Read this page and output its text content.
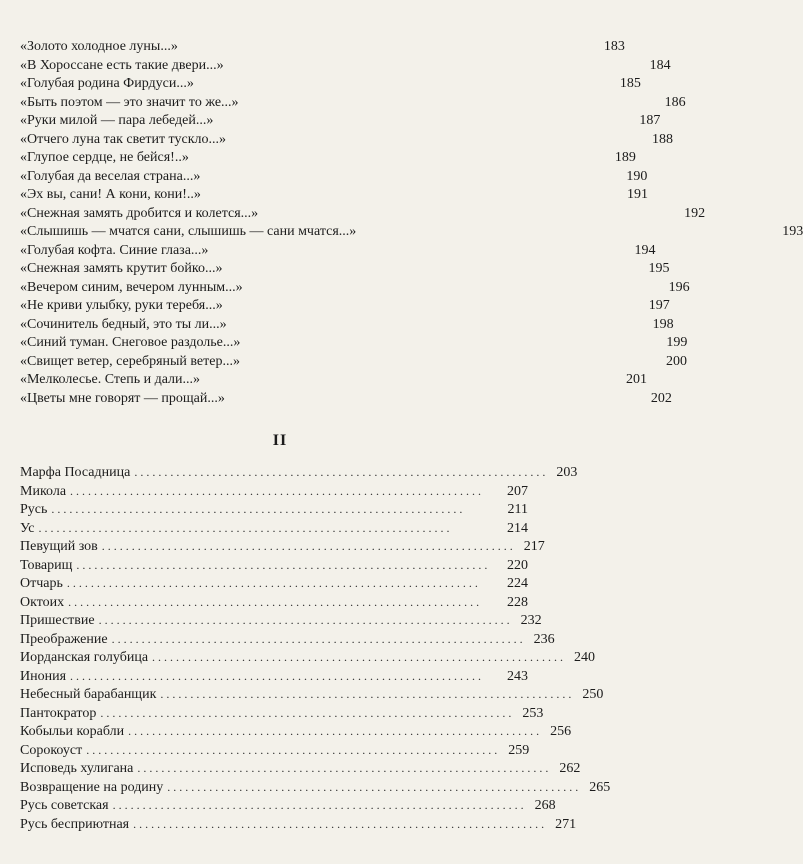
«Золото холодное луны...»	183
«В Хороссане есть такие двери...»	184
«Голубая родина Фирдуси...»	185
«Быть поэтом — это значит то же...»	186
«Руки милой — пара лебедей...»	187
«Отчего луна так светит тускло...»	188
«Глупое сердце, не бейся!..»	189
«Голубая да веселая страна...»	190
«Эх вы, сани! А кони, кони!..»	191
«Снежная замять дробится и колется...»	192
«Слышишь — мчатся сани, слышишь — сани мчатся...»	193
«Голубая кофта. Синие глаза...»	194
«Снежная замять крутит бойко...»	195
«Вечером синим, вечером лунным...»	196
«Не криви улыбку, руки теребя...»	197
«Сочинитель бедный, это ты ли...»	198
«Синий туман. Снеговое раздолье...»	199
«Свищет ветер, серебряный ветер...»	200
«Мелколесье. Степь и дали...»	201
«Цветы мне говорят — прощай...»	202
II
Марфа Посадница . . .	203
Микола . . .	207
Русь . . .	211
Ус . . .	214
Певущий зов . . .	217
Товарищ . . .	220
Отчарь . . .	224
Октоих . . .	228
Пришествие . . .	232
Преображение . . .	236
Иорданская голубица . . .	240
Инония . . .	243
Небесный барабанщик . . .	250
Пантократор . . .	253
Кобыльи корабли . . .	256
Сорокоуст . . .	259
Исповедь хулигана . . .	262
Возвращение на родину . . .	265
Русь советская . . .	268
Русь бесприютная . . .	271
